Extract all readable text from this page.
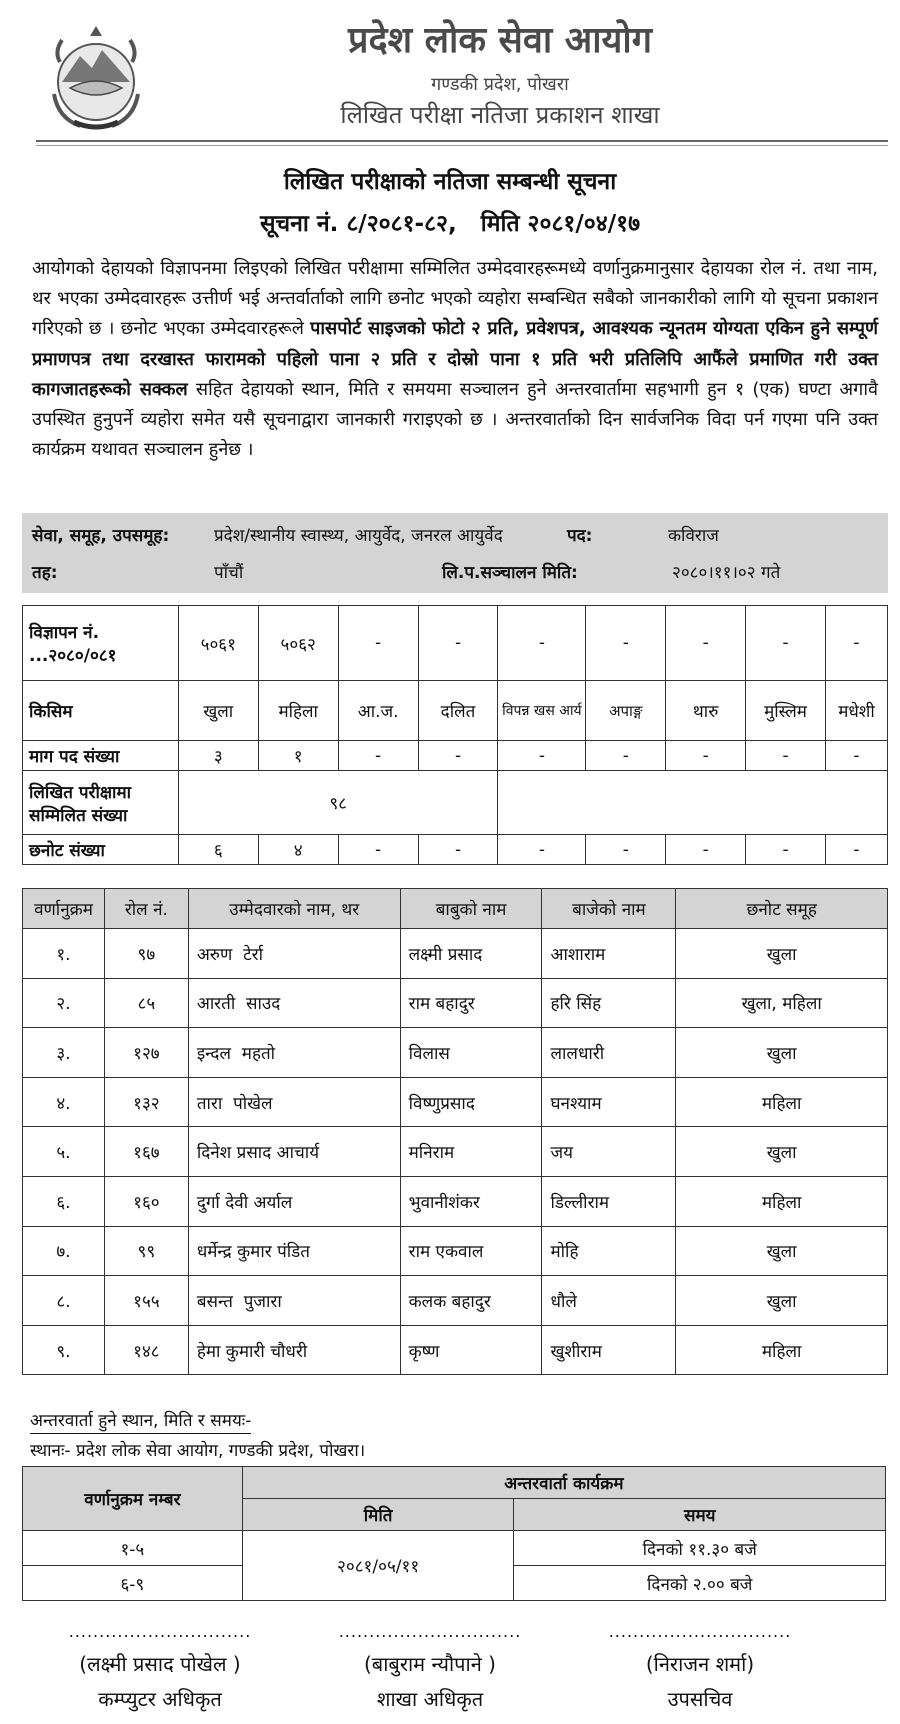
प्रदेश लोक सेवा आयोग
गण्डकी प्रदेश, पोखरा
लिखित परीक्षा नतिजा प्रकाशन शाखा
लिखित परीक्षाको नतिजा सम्बन्धी सूचना
सूचना नं. ८/२०८१-८२,   मिति २०८१/०४/१७
आयोगको देहायको विज्ञापनमा लिइएको लिखित परीक्षामा सम्मिलित उम्मेदवारहरूमध्ये वर्णानुक्रमानुसार देहायका रोल नं. तथा नाम, थर भएका उम्मेदवारहरू उत्तीर्ण भई अन्तर्वार्ताको लागि छनोट भएको व्यहोरा सम्बन्धित सबैको जानकारीको लागि यो सूचना प्रकाशन गरिएको छ । छनोट भएका उम्मेदवारहरूले पासपोर्ट साइजको फोटो २ प्रति, प्रवेशपत्र, आवश्यक न्यूनतम योग्यता एकिन हुने सम्पूर्ण प्रमाणपत्र तथा दरखास्त फारामको पहिलो पाना २ प्रति र दोस्रो पाना १ प्रति भरी प्रतिलिपि आफैंले प्रमाणित गरी उक्त कागजातहरूको सक्कल सहित देहायको स्थान, मिति र समयमा सञ्चालन हुने अन्तरवार्तामा सहभागी हुन १ (एक) घण्टा अगावै उपस्थित हुनुपर्ने व्यहोरा समेत यसै सूचनाद्वारा जानकारी गराइएको छ । अन्तरवार्ताको दिन सार्वजनिक विदा पर्न गएमा पनि उक्त कार्यक्रम यथावत सञ्चालन हुनेछ ।
सेवा, समूह, उपसमूह:	प्रदेश/स्थानीय स्वास्थ्य, आयुर्वेद, जनरल आयुर्वेद	पद:	कविराज
तह:	पाँचौं	लि.प.सञ्चालन मिति:	२०८०।११।०२ गते
विज्ञापन नं. ...२०८०/०८१	५०६१	५०६२	-	-	-	-	-	-	-
किसिम	खुला	महिला	आ.ज.	दलित	विपन्न खस आर्य	अपाङ्ग	थारु	मुस्लिम	मधेशी
माग पद संख्या	३	१	-	-	-	-	-	-	-
लिखित परीक्षामा सम्मिलित संख्या	९८								
छनोट संख्या	६	४	-	-	-	-	-	-	-
वर्णानुक्रम	रोल नं.	उम्मेदवारको नाम, थर	बाबुको नाम	बाजेको नाम	छनोट समूह
१.	९७	अरुण  टेर्रा	लक्ष्मी प्रसाद	आशाराम	खुला
२.	८५	आरती  साउद	राम बहादुर	हरि सिंह	खुला, महिला
३.	१२७	इन्दल  महतो	विलास	लालधारी	खुला
४.	१३२	तारा  पोखेल	विष्णुप्रसाद	घनश्याम	महिला
५.	१६७	दिनेश प्रसाद आचार्य	मनिराम	जय	खुला
६.	१६०	दुर्गा देवी अर्याल	भुवानीशंकर	डिल्लीराम	महिला
७.	९९	धर्मेन्द्र कुमार पंडित	राम एकवाल	मोहि	खुला
८.	१५५	बसन्त  पुजारा	कलक बहादुर	धौले	खुला
९.	१४८	हेमा कुमारी चौधरी	कृष्ण	खुशीराम	महिला
अन्तरवार्ता हुने स्थान, मिति र समयः-
स्थानः- प्रदेश लोक सेवा आयोग, गण्डकी प्रदेश, पोखरा।
वर्णानुक्रम नम्बर	अन्तरवार्ता कार्यक्रम	
	मिति	समय
१-५	२०८१/०५/११	दिनको ११.३० बजे
६-९		दिनको २.०० बजे
..............................
(लक्ष्मी प्रसाद पोखेल )
कम्प्युटर अधिकृत
..............................
(बाबुराम न्यौपाने )
शाखा अधिकृत
..............................
(निराजन शर्मा)
उपसचिव
